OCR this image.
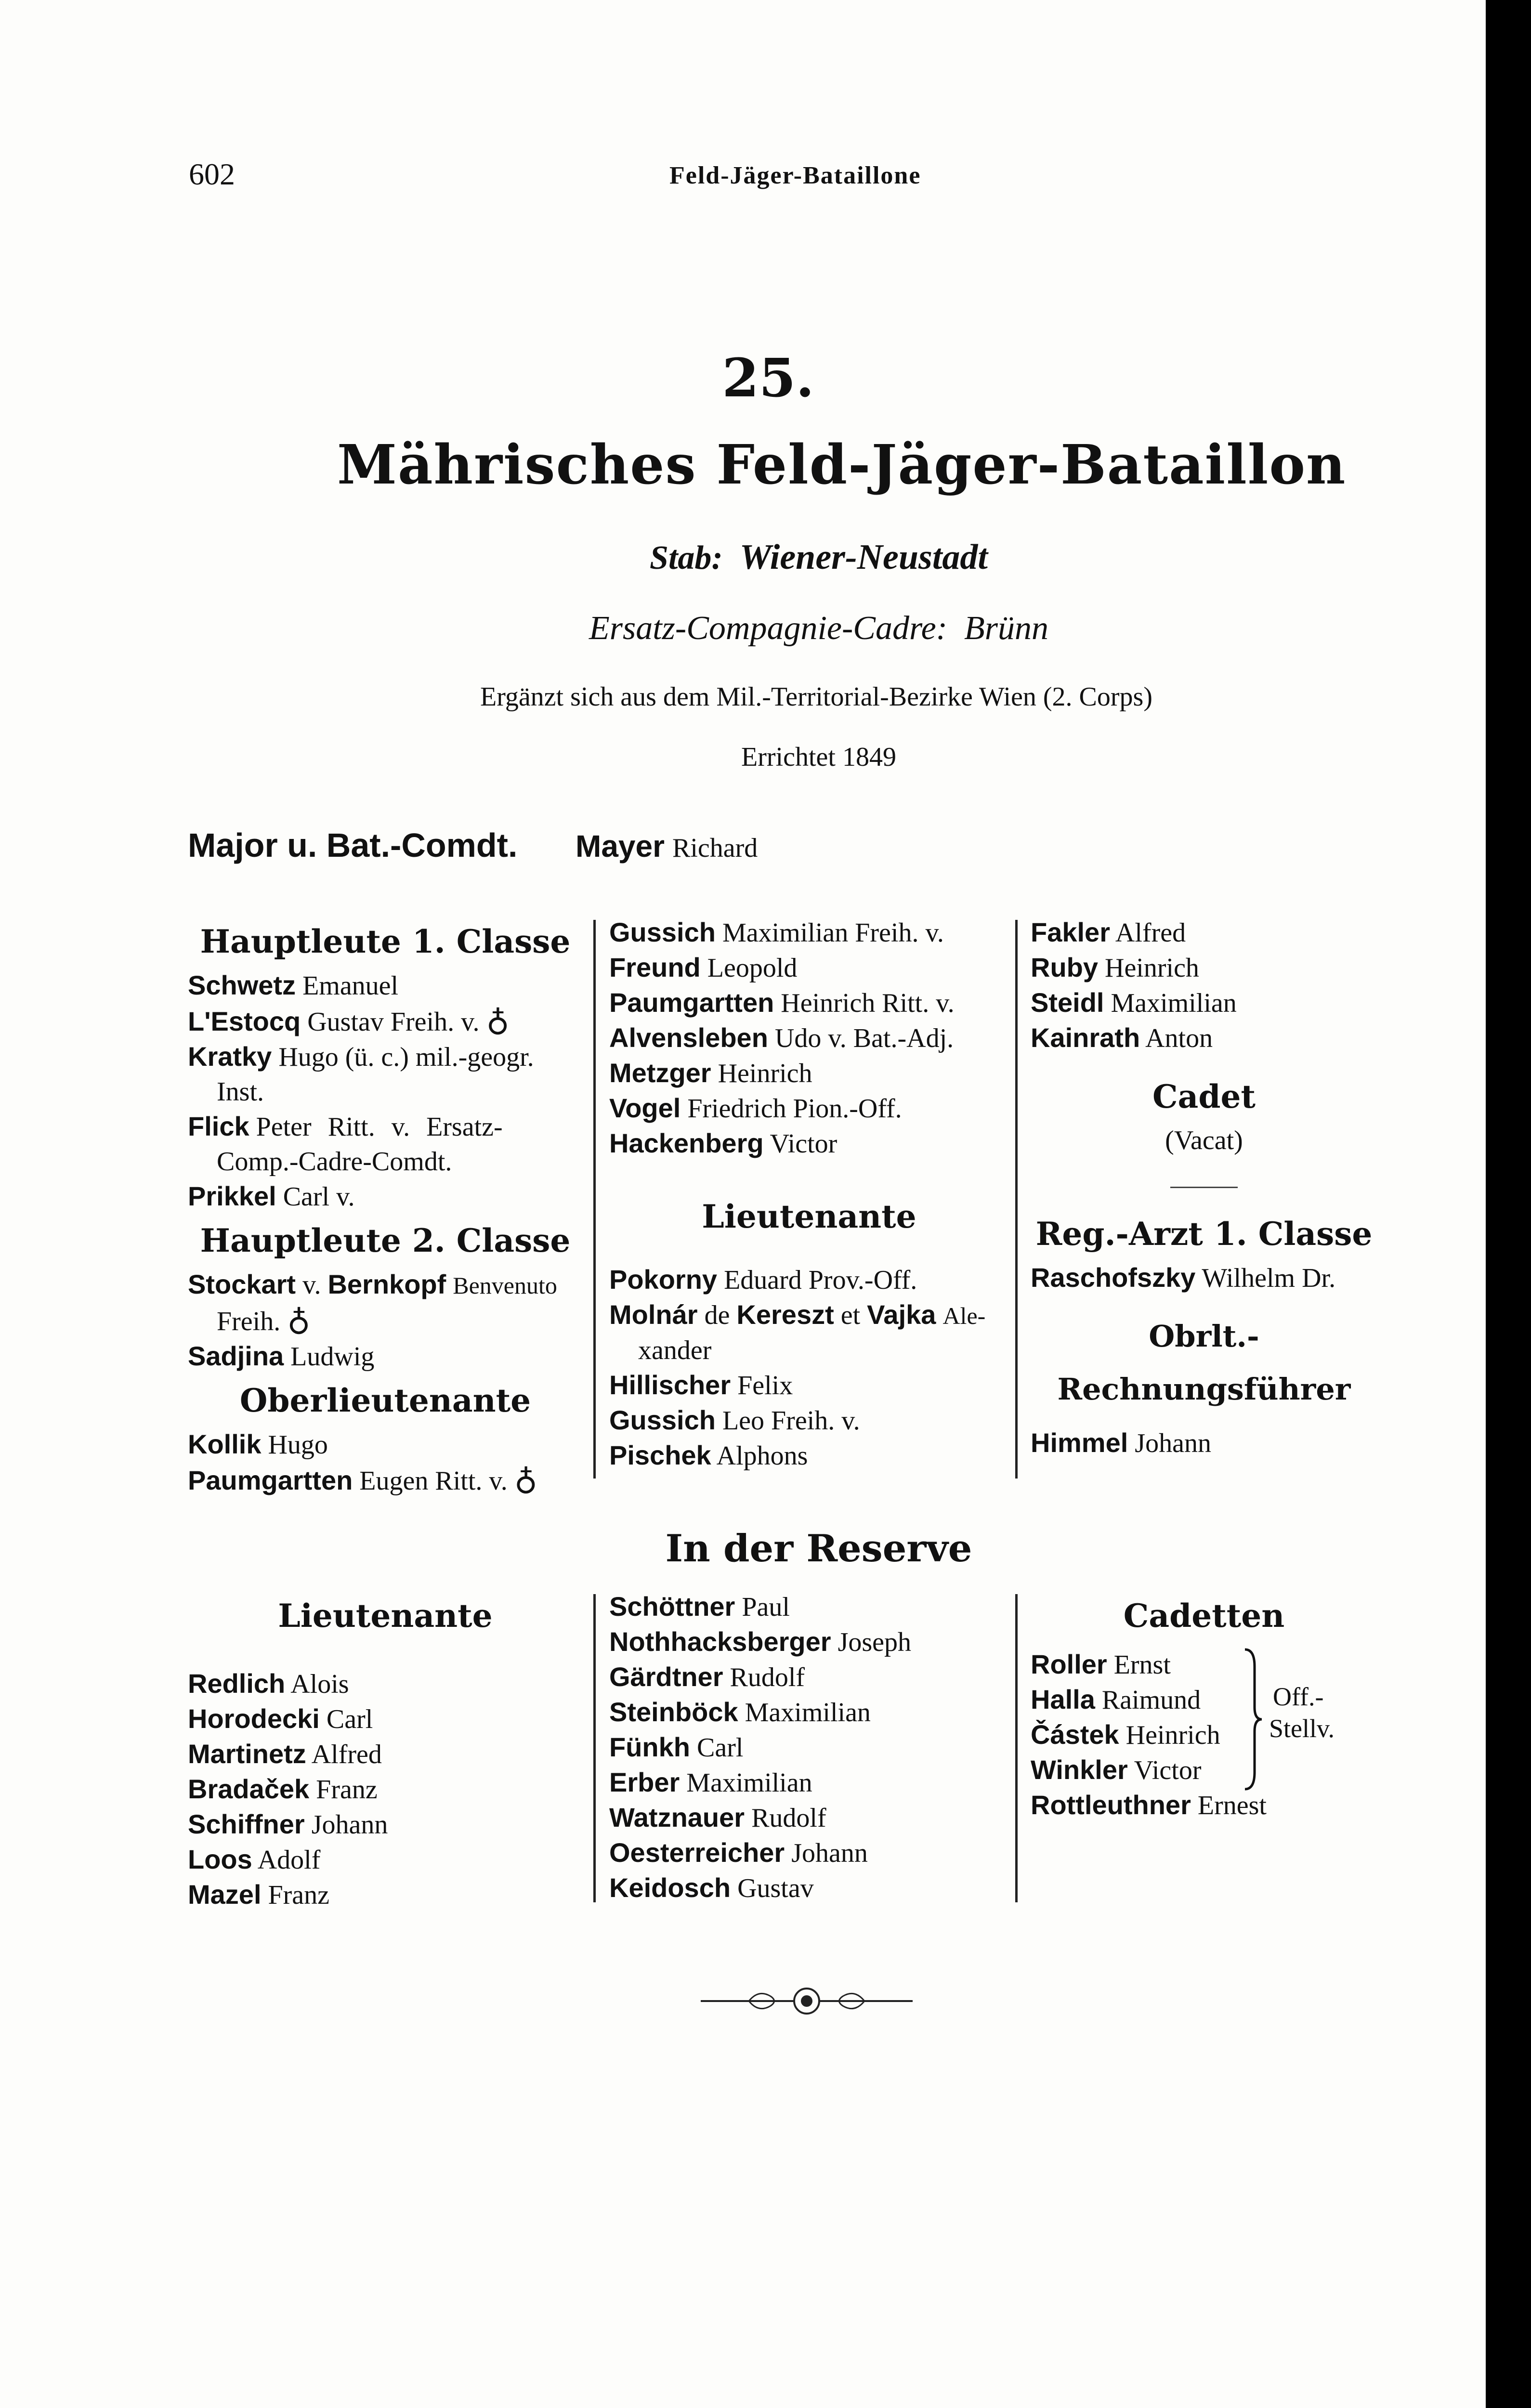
602	Feld-Jäger-Bataillone
25.
Mährisches Feld-Jäger-Bataillon
Stab: Wiener-Neustadt
Ersatz-Compagnie-Cadre: Brünn
Ergänzt sich aus dem Mil.-Territorial-Bezirke Wien (2. Corps)
Errichtet 1849
Major u. Bat.-Comdt. Mayer Richard
Hauptleute 1. Classe
Schwetz Emanuel
L'Estocq Gustav Freih. v. ♁
Kratky Hugo (ü. c.) mil.-geogr.
Inst.
Flick Peter Ritt. v. Ersatz-
Comp.-Cadre-Comdt.
Prikkel Carl v.
Hauptleute 2. Classe
Stockart v. Bernkopf Benvenuto
Freih. ♁
Sadjina Ludwig
Oberlieutenante
Kollik Hugo
Paumgartten Eugen Ritt. v. ♁
Gussich Maximilian Freih. v.
Freund Leopold
Paumgartten Heinrich Ritt. v.
Alvensleben Udo v. Bat.-Adj.
Metzger Heinrich
Vogel Friedrich Pion.-Off.
Hackenberg Victor
Lieutenante
Pokorny Eduard Prov.-Off.
Molnár de Kereszt et Vajka Ale-
xander
Hillischer Felix
Gussich Leo Freih. v.
Pischek Alphons
Fakler Alfred
Ruby Heinrich
Steidl Maximilian
Kainrath Anton
Cadet
(Vacat)
Reg.-Arzt 1. Classe
Raschofszky Wilhelm Dr.
Obrlt.-Rechnungsführer
Himmel Johann
In der Reserve
Lieutenante
Redlich Alois
Horodecki Carl
Martinetz Alfred
Bradaček Franz
Schiffner Johann
Loos Adolf
Mazel Franz
Schöttner Paul
Nothhacksberger Joseph
Gärdtner Rudolf
Steinböck Maximilian
Fünkh Carl
Erber Maximilian
Watznauer Rudolf
Oesterreicher Johann
Keidosch Gustav
Cadetten
Roller Ernst
Halla Raimund
Částek Heinrich
Winkler Victor
Rottleuthner Ernest
Off.-
Stellv.
